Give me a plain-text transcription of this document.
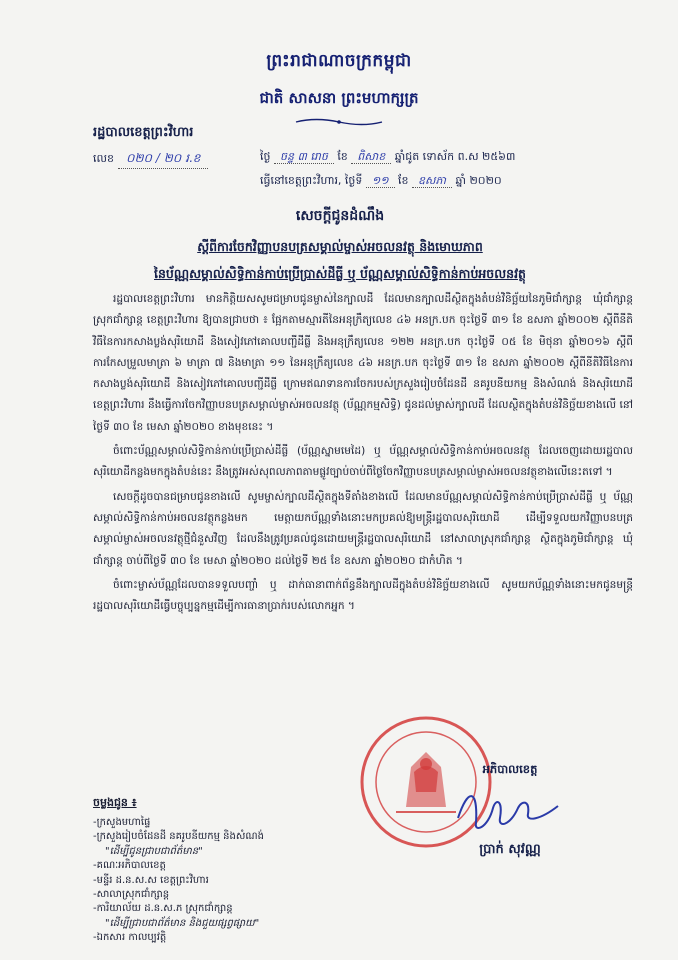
ព្រះរាជាណាចក្រកម្ពុជា
ជាតិ សាសនា ព្រះមហាក្សត្រ
រដ្ឋបាលខេត្តព្រះវិហារ
លេខ ០២០ / ២០ រ.ខ	ថ្ងៃ ចន្ទ ៣ រោច ខែ ពិសាខ ឆ្នាំជូត ទោស័ក ព.ស ២៥៦៣
ធ្វើនៅខេត្តព្រះវិហារ, ថ្ងៃទី ១១ ខែ ឧសភា ឆ្នាំ ២០២០
សេចក្តីជូនដំណឹង
ស្តីពីការចែកវិញ្ញាបនបត្រសម្គាល់ម្ចាស់អចលនវត្ថុ និងមោឃភាព
នៃប័ណ្ណសម្គាល់សិទ្ធិកាន់កាប់ប្រើប្រាស់ដីធ្លី ឬ ប័ណ្ណសម្គាល់សិទ្ធិកាន់កាប់អចលនវត្ថុ

រដ្ឋបាលខេត្តព្រះវិហារ មានកិត្តិយសសូមជម្រាបជូនម្ចាស់នៃក្បាលដី ដែលមានក្បាលដីស្ថិតក្នុងតំបន់វិនិច្ឆ័យនៃភូមិជាំក្សាន្ត ឃុំជាំក្សាន្ត ស្រុកជាំក្សាន្ត ខេត្តព្រះវិហារ ឱ្យបានជ្រាបថា ៖ ផ្អែកតាមស្មារតីនៃអនុក្រឹត្យលេខ ៤៦ អនក្រ.បក ចុះថ្ងៃទី ៣១ ខែ ឧសភា ឆ្នាំ២០០២ ស្តីពីនីតិវិធីនៃការកសាងប្លង់សុរិយោដី និងសៀវភៅគោលបញ្ជីដីធ្លី និងអនុក្រឹត្យលេខ ១២២ អនក្រ.បក ចុះថ្ងៃទី ០៥ ខែ មិថុនា ឆ្នាំ២០១៦ ស្តីពីការកែសម្រួលមាត្រា ៦ មាត្រា ៧ និងមាត្រា ១១ នៃអនុក្រឹត្យលេខ ៤៦ អនក្រ.បក ចុះថ្ងៃទី ៣១ ខែ ឧសភា ឆ្នាំ២០០២ ស្តីពីនីតិវិធីនៃការកសាងប្លង់សុរិយោដី និងសៀវភៅគោលបញ្ជីដីធ្លី ក្រោមឥណទានការចែករបស់ក្រសួងរៀបចំដែនដី នគរូបនីយកម្ម និងសំណង់ និងសុរិយោដីខេត្តព្រះវិហារ នឹងធ្វើការចែកវិញ្ញាបនបត្រសម្គាល់ម្ចាស់អចលនវត្ថុ (ប័ណ្ណកម្មសិទ្ធិ) ជូនដល់ម្ចាស់ក្បាលដី ដែលស្ថិតក្នុងតំបន់វិនិច្ឆ័យខាងលើ នៅថ្ងៃទី ៣០ ខែ មេសា ឆ្នាំ២០២០ ខាងមុខនេះ ។

ចំពោះប័ណ្ណសម្គាល់សិទ្ធិកាន់កាប់ប្រើប្រាស់ដីធ្លី (ប័ណ្ណស្នាមមេដៃ) ឬ ប័ណ្ណសម្គាល់សិទ្ធិកាន់កាប់អចលនវត្ថុ ដែលចេញដោយរដ្ឋបាលសុរិយោដីកន្លងមកក្នុងតំបន់នេះ នឹងត្រូវអស់សុពលភាពតាមផ្លូវច្បាប់ចាប់ពីថ្ងៃចែកវិញ្ញាបនបត្រសម្គាល់ម្ចាស់អចលនវត្ថុខាងលើនេះតទៅ ។

សេចក្តីដូចបានជម្រាបជូនខាងលើ សូមម្ចាស់ក្បាលដីស្ថិតក្នុងទីតាំងខាងលើ ដែលមានប័ណ្ណសម្គាល់សិទ្ធិកាន់កាប់ប្រើប្រាស់ដីធ្លី ឬ ប័ណ្ណសម្គាល់សិទ្ធិកាន់កាប់អចលនវត្ថុកន្លងមក មេត្តាយកប័ណ្ណទាំងនោះមកប្រគល់ឱ្យមន្ត្រីរដ្ឋបាលសុរិយោដី ដើម្បីទទួលយកវិញ្ញាបនបត្រសម្គាល់ម្ចាស់អចលនវត្ថុថ្មីជំនួសវិញ ដែលនឹងត្រូវប្រគល់ជូនដោយមន្ត្រីរដ្ឋបាលសុរិយោដី នៅសាលាស្រុកជាំក្សាន្ត ស្ថិតក្នុងភូមិជាំក្សាន្ត ឃុំជាំក្សាន្ត ចាប់ពីថ្ងៃទី ៣០ ខែ មេសា ឆ្នាំ២០២០ ដល់ថ្ងៃទី ២៥ ខែ ឧសភា ឆ្នាំ២០២០ ជាកំហិត ។

ចំពោះម្ចាស់ប័ណ្ណដែលបានទទួលបញ្ចាំ ឬ ដាក់ធានាពាក់ព័ន្ធនឹងក្បាលដីក្នុងតំបន់វិនិច្ឆ័យខាងលើ សូមយកប័ណ្ណទាំងនោះមកជូនមន្ត្រីរដ្ឋបាលសុរិយោដីធ្វើបច្ចុប្បន្នកម្មដើម្បីការធានាប្រាក់របស់លោកអ្នក ។

អភិបាលខេត្ត
ប្រាក់ សុវណ្ណ
ចម្លងជូន ៖
-ក្រសួងមហាផ្ទៃ
-ក្រសួងរៀបចំដែនដី នគរូបនីយកម្ម និងសំណង់
"ដើម្បីជូនជ្រាបជាព័ត៌មាន"
-គណៈអភិបាលខេត្ត
-មន្ទីរ ដ.ន.ស.ស ខេត្តព្រះវិហារ
-សាលាស្រុកជាំក្សាន្ត
-ការិយាល័យ ដ.ន.ស.ភ ស្រុកជាំក្សាន្ត
"ដើម្បីជ្រាបជាព័ត៌មាន និងជួយផ្សព្វផ្សាយ"
-ឯកសារ កាលប្បវត្តិ
